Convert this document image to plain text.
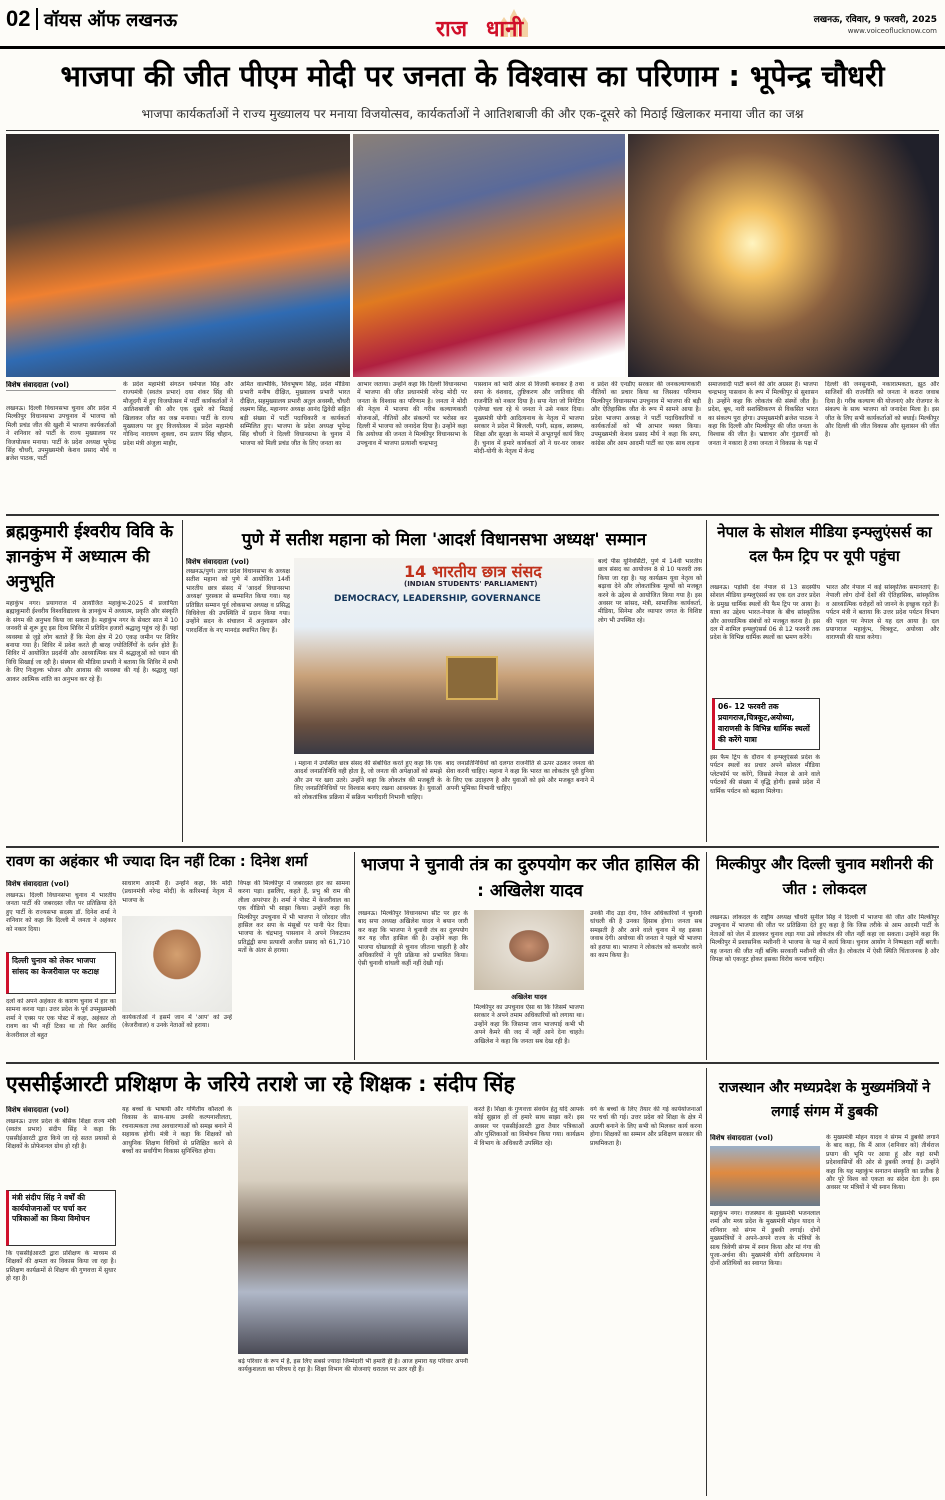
02 वॉयस ऑफ लखनऊ	राज धानी	लखनऊ, रविवार, 9 फरवरी, 2025
www.voiceoflucknow.com
भाजपा की जीत पीएम मोदी पर जनता के विश्वास का परिणाम : भूपेन्द्र चौधरी
भाजपा कार्यकर्ताओं ने राज्य मुख्यालय पर मनाया विजयोत्सव, कार्यकर्ताओं ने आतिशबाजी की और एक-दूसरे को मिठाई खिलाकर मनाया जीत का जश्न
विशेष संवाददाता (vol)
लखनऊ। दिल्ली विधानसभा चुनाव और प्रदेश में मिल्कीपुर विधानसभा उपचुनाव में भाजपा को मिली प्रचंड जीत की खुशी में भाजपा कार्यकर्ताओं ने शनिवार को पार्टी के राज्य मुख्यालय पर विजयोत्सव मनाया। पार्टी के प्रदेश अध्यक्ष भूपेन्द्र सिंह चौधरी, उपमुख्यमंत्री केशव प्रसाद मौर्य व ब्रजेश पाठक, पार्टी
के प्रदेश महामंत्री संगठन धर्मपाल सिंह और राज्यमंत्री (स्वतंत्र प्रभार) दया शंकर सिंह की मौजूदगी में हुए विजयोत्सव में पार्टी कार्यकर्ताओं ने आतिशबाजी की और एक दूसरे को मिठाई खिलाकर जीत का जश्न मनाया। पार्टी के राज्य मुख्यालय पर हुए विजयोत्सव में प्रदेश महामंत्री गोविन्द नारायण शुक्ला, राम प्रताप सिंह चौहान, प्रदेश मंत्री अंजुला माहौर,
अमित वाल्मीकि, शिवभूषण सिंह, प्रदेश मीडिया प्रभारी मनीष दीक्षित, मुख्यालय प्रभारी भारत दीक्षित, सहमुख्यालय प्रभारी अतुल अवस्थी, चौधरी लक्ष्मण सिंह, महानगर अध्यक्ष आनंद द्विवेदी सहित बड़ी संख्या में पार्टी पदाधिकारी व कार्यकर्ता सम्मिलित हुए। भाजपा के प्रदेश अध्यक्ष भूपेन्द्र सिंह चौधरी ने दिल्ली विधानसभा के चुनाव में भाजपा को मिली प्रचंड जीत के लिए जनता का
आभार जताया। उन्होंने कहा कि दिल्ली विधानसभा में भाजपा की जीत प्रधानमंत्री नरेन्द्र मोदी पर जनता के विश्वास का परिणाम है। जनता ने मोदी की नेतृत्व में भाजपा की गरीब कल्याणकारी योजनाओं, नीतियों और संकल्पों पर भरोसा कर दिल्ली में भाजपा को जनादेश दिया है। उन्होंने कहा कि अयोध्या की जनता ने मिल्कीपुर विधानसभा के उपचुनाव में भाजपा प्रत्याशी चन्द्रभानु
पासवान को भारी अंतर से विजयी बनाकर है तथा सपा के वंशवाद, तुष्टिकरण और जातिवाद की राजनीति को नकार दिया है। सपा नेता जो निगेटिव एजेण्डा चला रहे थे जनता ने उसे नकार दिया। मुख्यमंत्री योगी आदित्यनाथ के नेतृत्व में भाजपा सरकार ने प्रदेश में बिजली, पानी, सड़क, स्वास्थ्य, शिक्षा और सुरक्षा के मामले में अभूतपूर्व कार्य किए हैं। चुनाव में हमारे कार्यकर्ता ओं ने घर-घर जाकर मोदी-योगी के नेतृत्व में केन्द्र
व प्रदेश की एनडीए सरकार की जनकल्याणकारी नीतियों का प्रचार किया था जिसका परिणाम मिल्कीपुर विधानसभा उपचुनाव में भाजपा की बड़ी और ऐतिहासिक जीत के रूप में सामने आया है। प्रदेश भाजपा अध्यक्ष ने पार्टी पदाधिकारियों व कार्यकर्ताओं को भी आभार व्यक्त किया। उपमुख्यमंत्री केशव प्रसाद मौर्य ने कहा कि सपा, कांग्रेस और आम आदमी पार्टी का एक साथ लड़ना
समाजवादी पार्टी बनने की ओर अग्रसर हैं। भाजपा चन्द्रभानु पासवान के रूप में मिल्कीपुर से सुशासन है। उन्होंने कहा कि लोकतंत्र की संस्थों जीत है। प्रदेश, बूथ, नारी सशक्तिकरण से विकसित भारत का संकल्प पूरा होगा। उपमुख्यमंत्री ब्रजेश पाठक ने कहा कि दिल्ली और मिल्कीपुर की जीत जनता के विश्वास की जीत है। भ्रष्टाचार और गुंडागर्दी को जनता ने नकारा है तथा जनता ने विकास के पक्ष में
दिल्ली की जनसुनामी, नकारात्मकता, झूठ और साजिशों की राजनीति को जनता ने करारा जवाब दिया है। गरीब कल्याण की योजनाएं और रोजगार के संकल्प के साथ भाजपा को जनादेश मिला है। इस जीत के लिए सभी कार्यकर्ताओं को बधाई। मिल्कीपुर और दिल्ली की जीत विकास और सुशासन की जीत है।
ब्रह्मकुमारी ईश्वरीय विवि के ज्ञानकुंभ में अध्यात्म की अनुभूति
महाकुंभ नगर। प्रयागराज में आयोजित महाकुंभ-2025 में प्रजापिता ब्रह्माकुमारी ईश्वरीय विश्वविद्यालय के ज्ञानकुंभ में अध्यात्म, प्रकृति और संस्कृति के संगम की अनुभव किया जा सकता है। महाकुंभ नगर के सेक्टर सात में 10 जनवरी से शुरू हुए इस दिव्य शिविर में प्रतिदिन हजारों श्रद्धालु पहुंच रहे हैं। यहां व्यवस्था से जुड़े लोग बताते हैं कि मेला क्षेत्र में 20 एकड़ जमीन पर शिविर बनाया गया है। शिविर में प्रवेश करते ही बारह ज्योतिर्लिंगों के दर्शन होते हैं। शिविर में आयोजित प्रदर्शनी और आध्यात्मिक सत्र में श्रद्धालुओं को ध्यान की विधि सिखाई जा रही है। संस्थान की मीडिया प्रभारी ने बताया कि शिविर में सभी के लिए निःशुल्क भोजन और आवास की व्यवस्था की गई है। श्रद्धालु यहां आकर आत्मिक शांति का अनुभव कर रहे हैं।
पुणे में सतीश महाना को मिला 'आदर्श विधानसभा अध्यक्ष' सम्मान
विशेष संवाददाता (vol)
लखनऊ/पुणे। उत्तर प्रदेश विधानसभा के अध्यक्ष सतीश महाना को पुणे में आयोजित 14वीं भारतीय छात्र संसद में 'आदर्श विधानसभा अध्यक्ष' पुरस्कार से सम्मानित किया गया। यह प्रतिष्ठित सम्मान पूर्व लोकसभा अध्यक्ष व प्रसिद्ध विधिवेत्ता की उपस्थिति में प्रदान किया गया। उन्होंने सदन के संचालन में अनुशासन और पारदर्शिता के नए मानदंड स्थापित किए हैं।
14 भारतीय छात्र संसद
(INDIAN STUDENTS' PARLIAMENT)
DEMOCRACY, LEADERSHIP, GOVERNANCE
बल्दे पीस यूनिवर्सिटी, पुणे में 14वीं भारतीय छात्र संसद का आयोजन 8 से 10 फरवरी तक किया जा रहा है। यह कार्यक्रम युवा नेतृत्व को बढ़ावा देने और लोकतांत्रिक मूल्यों को मजबूत करने के उद्देश्य से आयोजित किया गया है। इस अवसर पर सांसद, मंत्री, सामाजिक कार्यकर्ता, मीडिया, सिनेमा और व्यापार जगत के विशिष्ट लोग भी उपस्थित रहे।
। महाना ने उपस्थित छात्र संसद की संबोधित करते हुए कहा कि एक आदर्श जनप्रतिनिधि वही होता है, जो जनता की अपेक्षाओं को समझे और उन पर खरा उतरे। उन्होंने कहा कि लोकतंत्र की मजबूती के लिए जनप्रतिनिधियों पर विश्वास बनाए रखना आवश्यक है। युवाओं को लोकतांत्रिक प्रक्रिया में सक्रिय भागीदारी निभानी चाहिए।
बाद जनप्रतिनिधियों को दलगत राजनीति से ऊपर उठकर जनता की सेवा करनी चाहिए। महाना ने कहा कि भारत का लोकतंत्र पूरी दुनिया के लिए एक उदाहरण है और युवाओं को इसे और मजबूत बनाने में अपनी भूमिका निभानी चाहिए।
नेपाल के सोशल मीडिया इन्फ्लुएंसर्स का दल फैम ट्रिप पर यूपी पहुंचा
लखनऊ। पड़ोसी देश नेपाल से 13 सदस्यीय सोशल मीडिया इन्फ्लुएंसर्स का एक दल उत्तर प्रदेश के प्रमुख धार्मिक स्थलों की फैम ट्रिप पर आया है। यात्रा का उद्देश्य भारत-नेपाल के बीच सांस्कृतिक और आध्यात्मिक संबंधों को मजबूत करना है। इस दल में शामिल इन्फ्लुएंसर्स 06 से 12 फरवरी तक प्रदेश के विभिन्न धार्मिक स्थलों का भ्रमण करेंगे।
भारत और नेपाल में कई सांस्कृतिक समानताएं हैं। नेपाली लोग दोनों देशों की ऐतिहासिक, सांस्कृतिक व आध्यात्मिक धरोहरों को जानने के इच्छुक रहते हैं। पर्यटन मंत्री ने बताया कि उत्तर प्रदेश पर्यटन विभाग की पहल पर नेपाल से यह दल आया है। दल प्रयागराज महाकुंभ, चित्रकूट, अयोध्या और वाराणसी की यात्रा करेगा।
06- 12 फरवरी तक प्रयागराज,चित्रकूट,अयोध्या, वाराणसी के विभिन्न धार्मिक स्थलों की करेंगे यात्रा
इस फैम ट्रिप के दौरान ये इन्फ्लुएंसर्स प्रदेश के पर्यटन स्थलों का प्रचार अपने सोशल मीडिया प्लेटफॉर्म पर करेंगे, जिससे नेपाल से आने वाले पर्यटकों की संख्या में वृद्धि होगी। इससे प्रदेश में धार्मिक पर्यटन को बढ़ावा मिलेगा।
रावण का अहंकार भी ज्यादा दिन नहीं टिका : दिनेश शर्मा
विशेष संवाददाता (vol)
लखनऊ। दिल्ली विधानसभा चुनाव में भारतीय जनता पार्टी की जबरदस्त जीत पर प्रतिक्रिया देते हुए पार्टी के राज्यसभा सदस्य डॉ. दिनेश शर्मा ने शनिवार को कहा कि दिल्ली में जनता ने अहंकार को नकार दिया।
दिल्ली चुनाव को लेकर भाजपा सांसद का केजरीवाल पर कटाक्ष
दलों को अपने अहंकार के कारण चुनाव में हार का सामना करना पड़ा। उत्तर प्रदेश के पूर्व उपमुख्यमंत्री शर्मा ने एक्स पर एक पोस्ट में कहा, अहंकार तो रावण का भी नहीं टिका था तो फिर अरविंद केजरीवाल तो बहुत
साधारण आदमी हैं। उन्होंने कहा, कि मोदी (प्रधानमंत्री नरेन्द्र मोदी) के करिश्माई नेतृत्व में भाजपा के
कार्यकर्ताओं ने इसमें जान में 'आप' को उन्हें (केजरीवाल) व उनके नेताओं को हराया।
विपक्ष की मिल्कीपुर में जबरदस्त हार का सामना करना पड़ा। इसलिए, कहते हैं, प्रभु श्री राम की लीला अपरंपार है। शर्मा ने पोस्ट में केजरीवाल का एक वीडियो भी साझा किया। उन्होंने कहा कि मिल्कीपुर उपचुनाव में भी भाजपा ने जोरदार जीत हासिल कर सपा के मंसूबों पर पानी फेर दिया। भाजपा के चंद्रभानु पासवान ने अपने निकटतम प्रतिद्वंद्वी सपा प्रत्याशी अजीत प्रसाद को 61,710 मतों के अंतर से हराया।
भाजपा ने चुनावी तंत्र का दुरुपयोग कर जीत हासिल की : अखिलेश यादव
लखनऊ। मिल्कीपुर विधानसभा सीट पर हार के बाद सपा अध्यक्ष अखिलेश यादव ने बयान जारी कर कहा कि भाजपा ने चुनावी तंत्र का दुरुपयोग कर यह जीत हासिल की है। उन्होंने कहा कि भाजपा धोखाधड़ी से चुनाव जीतना चाहती है और अधिकारियों ने पूरी प्रक्रिया को प्रभावित किया। ऐसी चुनावी धांधली कहीं नहीं देखी गई।
अखिलेश यादव
मिल्कीपुर का उपचुनाव ऐसा था कि जिसमें भाजपा सरकार ने अपने तमाम अधिकारियों को लगाया था। उन्होंने कहा कि जिस्तमा जान भाजपाई कभी भी अपने कैमरे की जद में नहीं आने देना चाहते। अखिलेश ने कहा कि जनता सब देख रही है।
उनकी नींद उड़ा देगा, जिन अधिकारियों ने चुनावी धांधली की है उनका हिसाब होगा। जनता सब समझती है और आने वाले चुनाव में वह इसका जवाब देगी। अयोध्या की जनता ने पहले भी भाजपा को हराया था। भाजपा ने लोकतंत्र को कमजोर करने का काम किया है।
मिल्कीपुर और दिल्ली चुनाव मशीनरी की जीत : लोकदल
लखनऊ। लोकदल के राष्ट्रीय अध्यक्ष चौधरी सुनील सिंह ने दिल्ली में भाजपा की जीत और मिल्कीपुर उपचुनाव में भाजपा की जीत पर प्रतिक्रिया देते हुए कहा है कि जिस तरीके से आम आदमी पार्टी के नेताओं को जेल में डालकर चुनाव लड़ा गया उसे लोकतंत्र की जीत नहीं कहा जा सकता। उन्होंने कहा कि मिल्कीपुर में प्रशासनिक मशीनरी ने भाजपा के पक्ष में कार्य किया। चुनाव आयोग ने निष्पक्षता नहीं बरती। यह जनता की जीत नहीं बल्कि सरकारी मशीनरी की जीत है। लोकतंत्र में ऐसी स्थिति चिंताजनक है और विपक्ष को एकजुट होकर इसका विरोध करना चाहिए।
एससीईआरटी प्रशिक्षण के जरिये तराशे जा रहे शिक्षक : संदीप सिंह
विशेष संवाददाता (vol)
लखनऊ। उत्तर प्रदेश के बेसिक शिक्षा राज्य मंत्री (स्वतंत्र प्रभार) संदीप सिंह ने कहा कि एससीईआरटी द्वारा किये जा रहे सतत प्रयासों से शिक्षकों के प्रोफेशनल ग्रोथ हो रही है।
मंत्री संदीप सिंह ने वर्षों की कार्ययोजनाओं पर चर्चा कर पत्रिकाओं का किया विमोचन
कि एससीईआरटी द्वारा प्रशिक्षण के माध्यम से शिक्षकों की क्षमता का विकास किया जा रहा है। प्रशिक्षण कार्यक्रमों से शिक्षण की गुणवत्ता में सुधार हो रहा है।
यह बच्चों के भाषायी और गणितीय कौशलों के विकास के साथ-साथ उनकी कल्पनाशीलता, रचनात्मकता तथा अवधारणाओं को समझ बनाने में सहायक होगी। मंत्री ने कहा कि शिक्षकों को आधुनिक शिक्षण विधियों से प्रशिक्षित करने से बच्चों का सर्वांगीण विकास सुनिश्चित होगा।
बढ़े परिवार के रूप में है, इस लिए सबसे ज्यादा जिम्मेदारी भी हमारी ही है। आज हमारा यह परिवार अपनी कार्यकुशलता का परिचय दे रहा है। शिक्षा विभाग की योजनाएं धरातल पर उतर रही हैं।
करते हैं। शिक्षा के गुणवत्ता संवर्धन हेतु यदि आपके कोई सुझाव हों तो हमारे साथ साझा करें। इस अवसर पर एससीईआरटी द्वारा तैयार पत्रिकाओं और पुस्तिकाओं का विमोचन किया गया। कार्यक्रम में विभाग के अधिकारी उपस्थित रहे।
वर्ग के बच्चों के लिए तैयार की गई कार्ययोजनाओं पर चर्चा की गई। उत्तर प्रदेश को शिक्षा के क्षेत्र में अग्रणी बनाने के लिए सभी को मिलकर कार्य करना होगा। शिक्षकों का सम्मान और प्रशिक्षण सरकार की प्राथमिकता है।
राजस्थान और मध्यप्रदेश के मुख्यमंत्रियों ने लगाई संगम में डुबकी
विशेष संवाददाता (vol)
महाकुंभ नगर। राजस्थान के मुख्यमंत्री भजनलाल शर्मा और मध्य प्रदेश के मुख्यमंत्री मोहन यादव ने शनिवार को संगम में डुबकी लगाई। दोनों मुख्यमंत्रियों ने अपने-अपने राज्य के मंत्रियों के साथ त्रिवेणी संगम में स्नान किया और मां गंगा की पूजा-अर्चना की। मुख्यमंत्री योगी आदित्यनाथ ने दोनों अतिथियों का स्वागत किया।
के मुख्यमंत्री मोहन यादव ने संगम में डुबकी लगाने के बाद कहा, कि मैं आज (शनिवार को) तीर्थराज प्रयाग की भूमि पर आया हूं और यहां सभी प्रदेशवासियों की ओर से डुबकी लगाई है। उन्होंने कहा कि यह महाकुंभ सनातन संस्कृति का प्रतीक है और पूरे विश्व को एकता का संदेश देता है। इस अवसर पर मंत्रियों ने भी स्नान किया।
